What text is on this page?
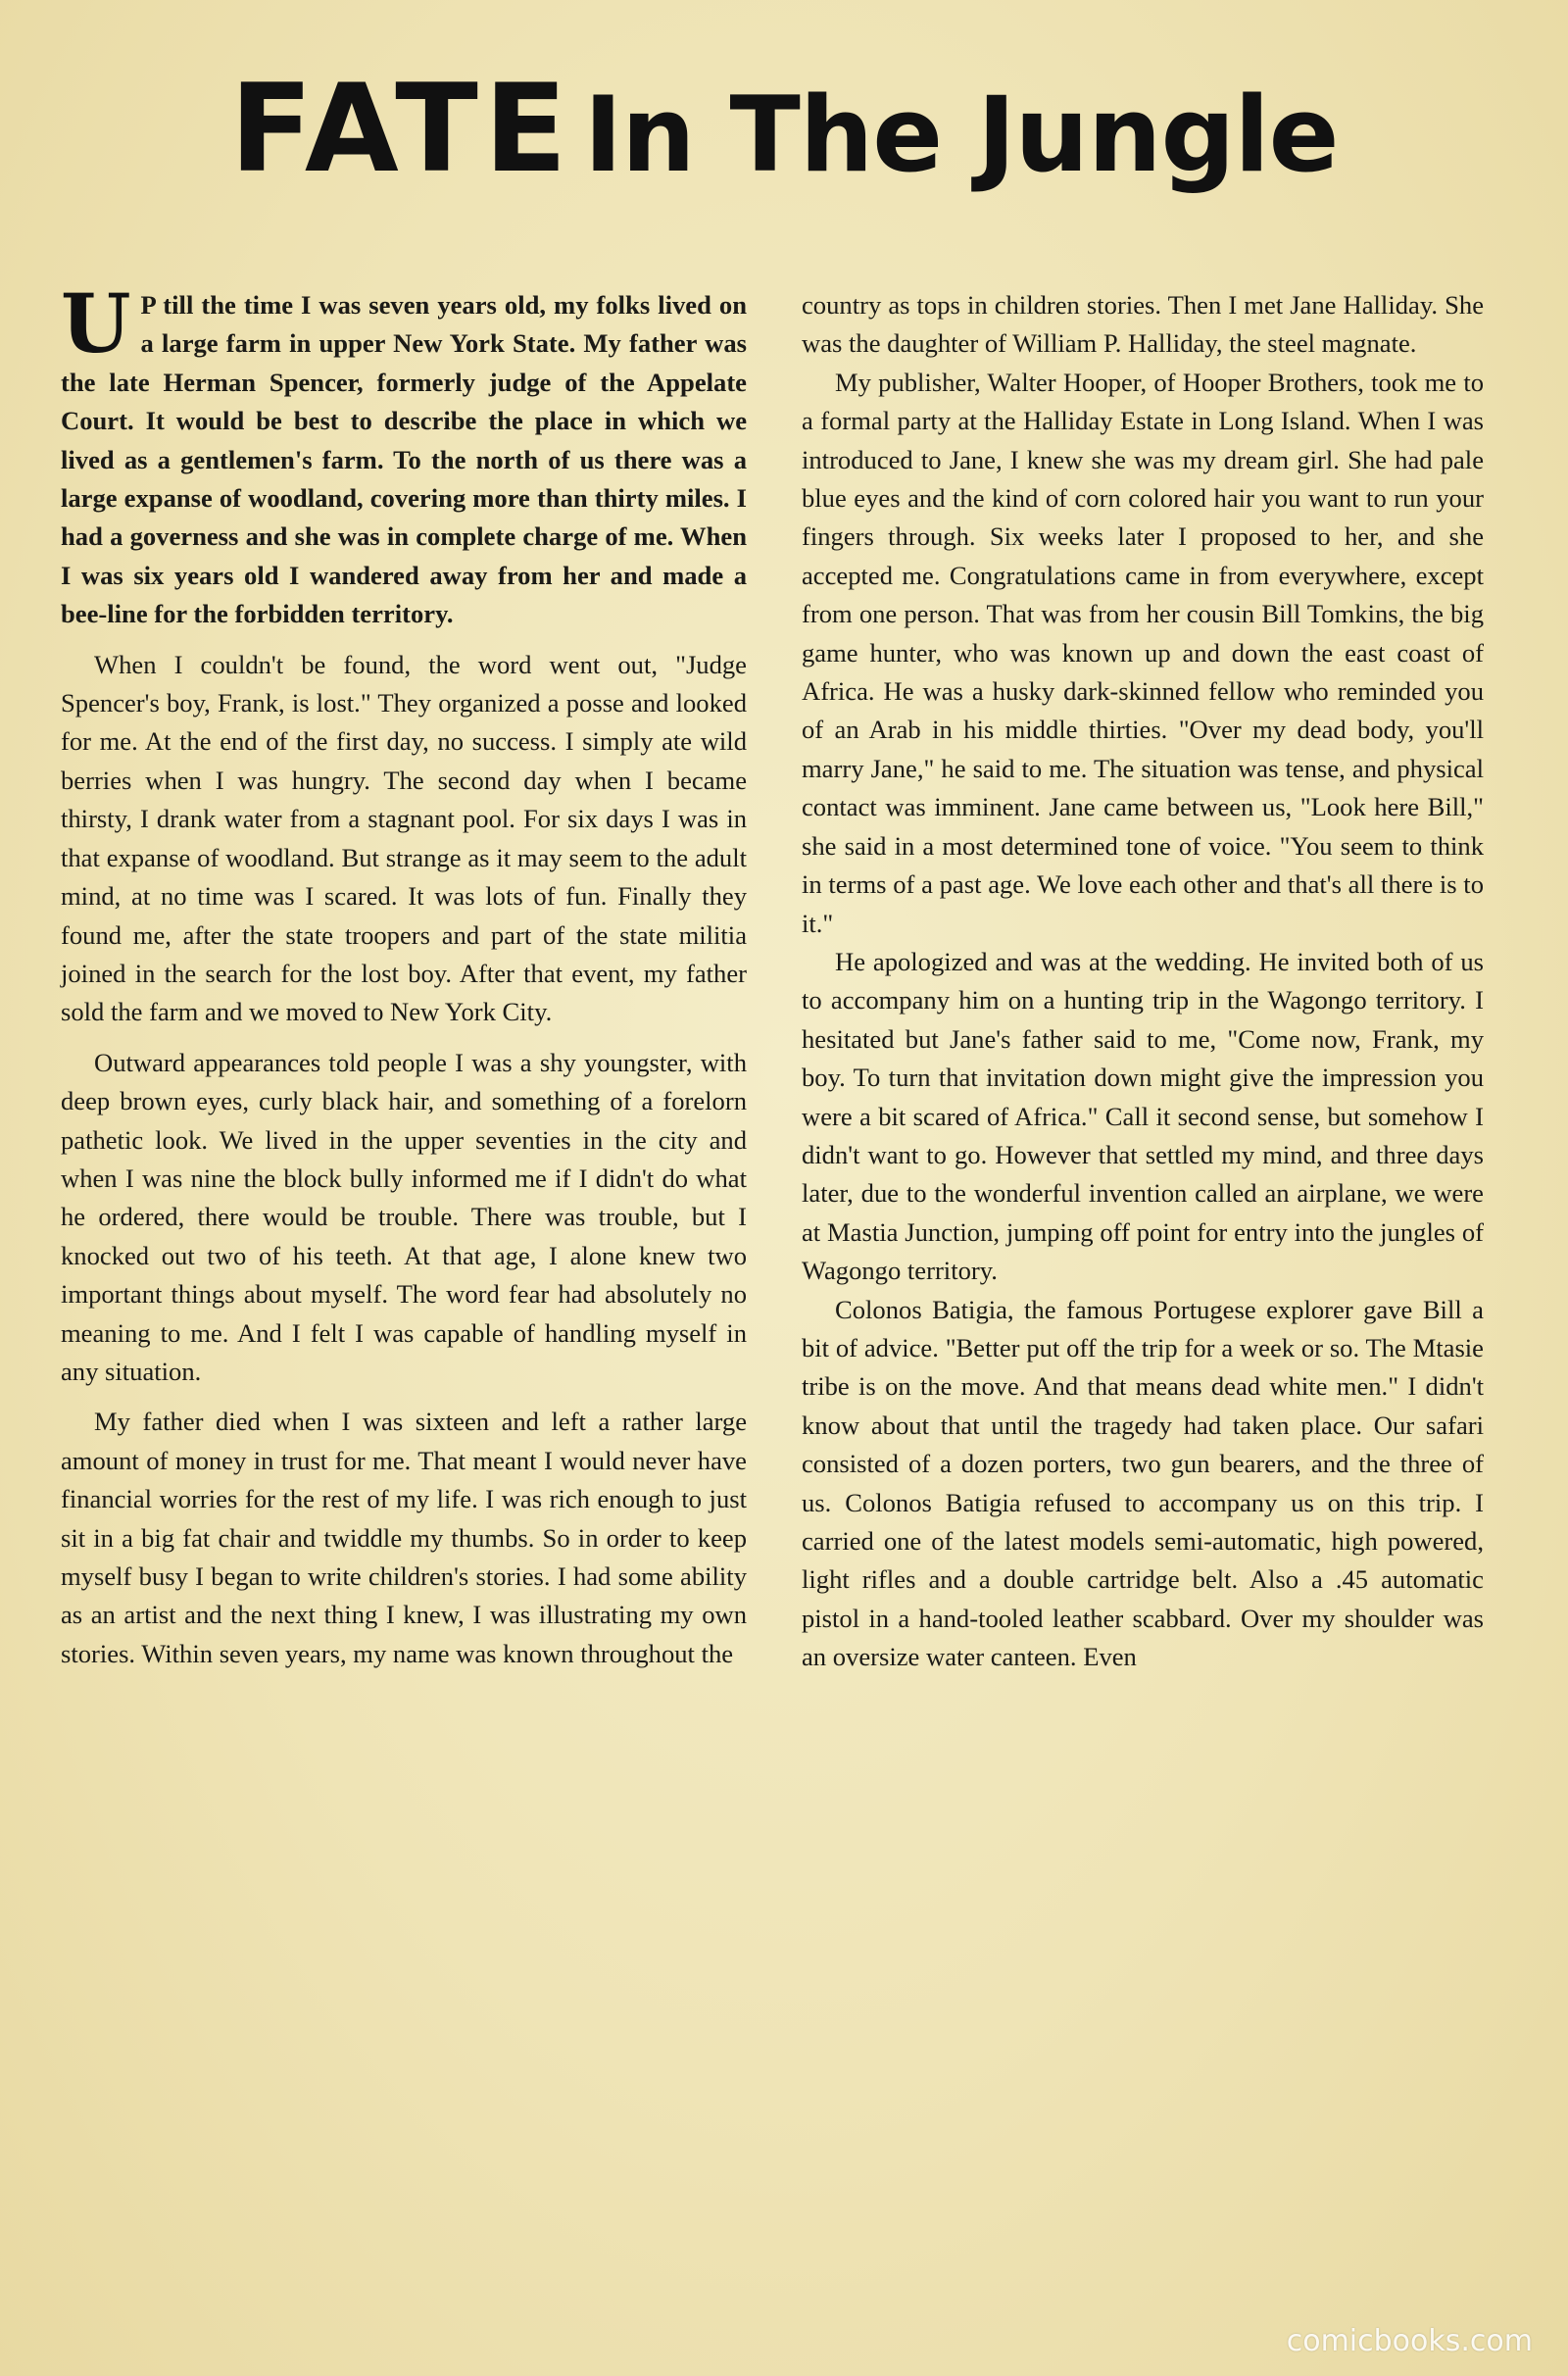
FATE In The Jungle

U P till the time I was seven years old, my folks lived on a large farm in upper New York State. My father was the late Herman Spencer, formerly judge of the Appelate Court. It would be best to describe the place in which we lived as a gentlemen's farm. To the north of us there was a large expanse of woodland, covering more than thirty miles. I had a governess and she was in complete charge of me. When I was six years old I wandered away from her and made a bee-line for the forbidden territory.

When I couldn't be found, the word went out, "Judge Spencer's boy, Frank, is lost." They organized a posse and looked for me. At the end of the first day, no success. I simply ate wild berries when I was hungry. The second day when I became thirsty, I drank water from a stagnant pool. For six days I was in that expanse of woodland. But strange as it may seem to the adult mind, at no time was I scared. It was lots of fun. Finally they found me, after the state troopers and part of the state militia joined in the search for the lost boy. After that event, my father sold the farm and we moved to New York City.

Outward appearances told people I was a shy youngster, with deep brown eyes, curly black hair, and something of a forelorn pathetic look. We lived in the upper seventies in the city and when I was nine the block bully informed me if I didn't do what he ordered, there would be trouble. There was trouble, but I knocked out two of his teeth. At that age, I alone knew two important things about myself. The word fear had absolutely no meaning to me. And I felt I was capable of handling myself in any situation.

My father died when I was sixteen and left a rather large amount of money in trust for me. That meant I would never have financial worries for the rest of my life. I was rich enough to just sit in a big fat chair and twiddle my thumbs. So in order to keep myself busy I began to write children's stories. I had some ability as an artist and the next thing I knew, I was illustrating my own stories. Within seven years, my name was known throughout the

country as tops in children stories. Then I met Jane Halliday. She was the daughter of William P. Halliday, the steel magnate.

My publisher, Walter Hooper, of Hooper Brothers, took me to a formal party at the Halliday Estate in Long Island. When I was introduced to Jane, I knew she was my dream girl. She had pale blue eyes and the kind of corn colored hair you want to run your fingers through. Six weeks later I proposed to her, and she accepted me. Congratulations came in from everywhere, except from one person. That was from her cousin Bill Tomkins, the big game hunter, who was known up and down the east coast of Africa. He was a husky dark-skinned fellow who reminded you of an Arab in his middle thirties. "Over my dead body, you'll marry Jane," he said to me. The situation was tense, and physical contact was imminent. Jane came between us, "Look here Bill," she said in a most determined tone of voice. "You seem to think in terms of a past age. We love each other and that's all there is to it."

He apologized and was at the wedding. He invited both of us to accompany him on a hunting trip in the Wagongo territory. I hesitated but Jane's father said to me, "Come now, Frank, my boy. To turn that invitation down might give the impression you were a bit scared of Africa." Call it second sense, but somehow I didn't want to go. However that settled my mind, and three days later, due to the wonderful invention called an airplane, we were at Mastia Junction, jumping off point for entry into the jungles of Wagongo territory.

Colonos Batigia, the famous Portugese explorer gave Bill a bit of advice. "Better put off the trip for a week or so. The Mtasie tribe is on the move. And that means dead white men." I didn't know about that until the tragedy had taken place. Our safari consisted of a dozen porters, two gun bearers, and the three of us. Colonos Batigia refused to accompany us on this trip. I carried one of the latest models semi-automatic, high powered, light rifles and a double cartridge belt. Also a .45 automatic pistol in a hand-tooled leather scabbard. Over my shoulder was an oversize water canteen. Even

comicbooks.com
